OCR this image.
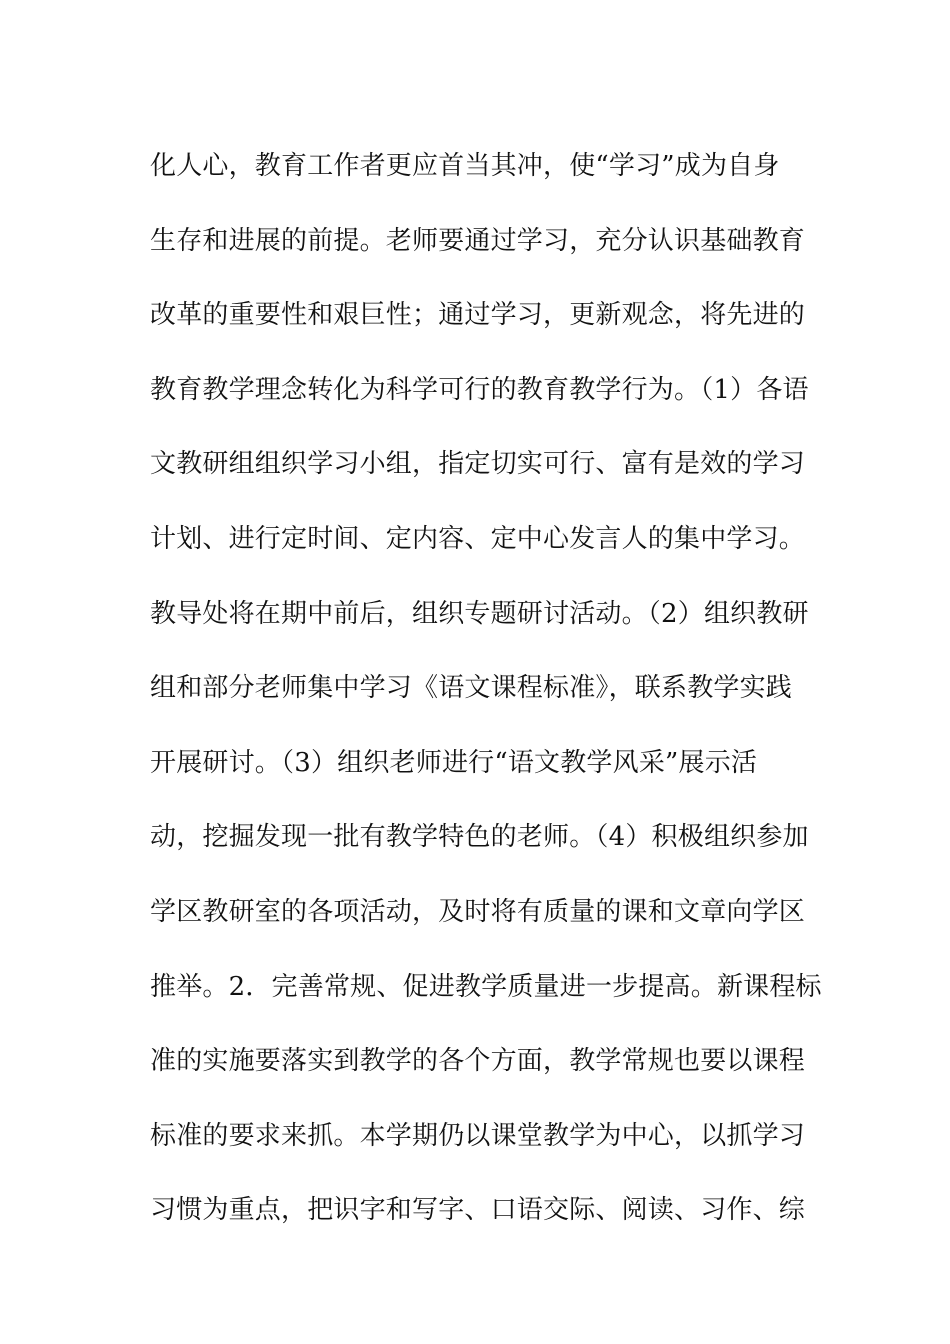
化人心，教育工作者更应首当其冲，使“学习”成为自身
生存和进展的前提。老师要通过学习，充分认识基础教育
改革的重要性和艰巨性；通过学习，更新观念，将先进的
教育教学理念转化为科学可行的教育教学行为。（1）各语
文教研组组织学习小组，指定切实可行、富有是效的学习
计划、进行定时间、定内容、定中心发言人的集中学习。
教导处将在期中前后，组织专题研讨活动。（2）组织教研
组和部分老师集中学习《语文课程标准》，联系教学实践
开展研讨。（3）组织老师进行“语文教学风采”展示活
动，挖掘发现一批有教学特色的老师。（4）积极组织参加
学区教研室的各项活动，及时将有质量的课和文章向学区
推举。2．完善常规、促进教学质量进一步提高。新课程标
准的实施要落实到教学的各个方面，教学常规也要以课程
标准的要求来抓。本学期仍以课堂教学为中心，以抓学习
习惯为重点，把识字和写字、口语交际、阅读、习作、综
